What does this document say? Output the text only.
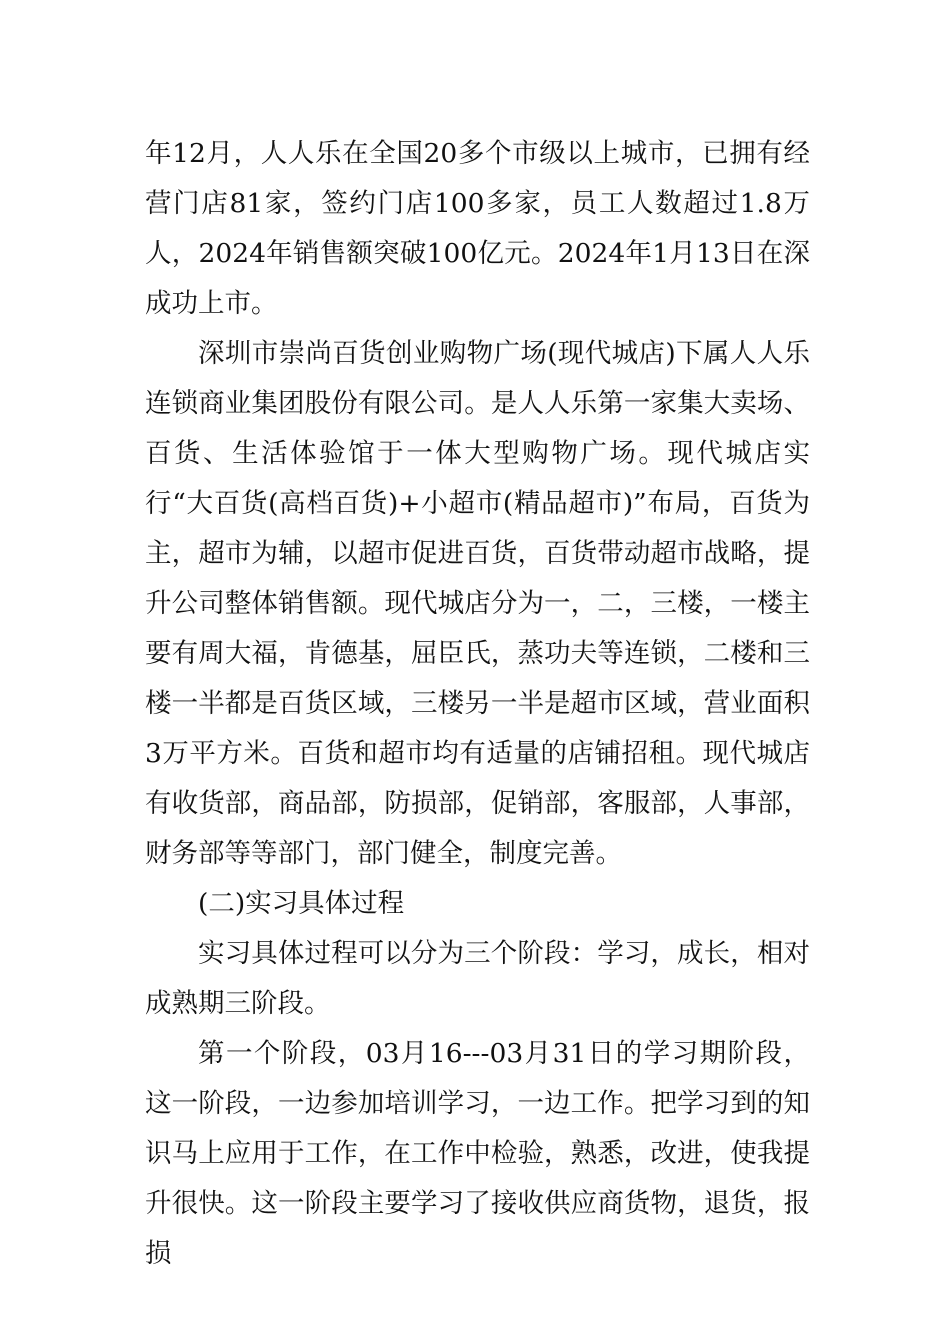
年12月，人人乐在全国20多个市级以上城市，已拥有经营门店81家，签约门店100多家，员工人数超过1.8万人，2024年销售额突破100亿元。2024年1月13日在深成功上市。

深圳市崇尚百货创业购物广场(现代城店)下属人人乐连锁商业集团股份有限公司。是人人乐第一家集大卖场、百货、生活体验馆于一体大型购物广场。现代城店实行“大百货(高档百货)+小超市(精品超市)”布局，百货为主，超市为辅，以超市促进百货，百货带动超市战略，提升公司整体销售额。现代城店分为一，二，三楼，一楼主要有周大福，肯德基，屈臣氏，蒸功夫等连锁，二楼和三楼一半都是百货区域，三楼另一半是超市区域，营业面积3万平方米。百货和超市均有适量的店铺招租。现代城店有收货部，商品部，防损部，促销部，客服部，人事部，财务部等等部门，部门健全，制度完善。

(二)实习具体过程

实习具体过程可以分为三个阶段：学习，成长，相对成熟期三阶段。

第一个阶段，03月16---03月31日的学习期阶段，这一阶段，一边参加培训学习，一边工作。把学习到的知识马上应用于工作，在工作中检验，熟悉，改进，使我提升很快。这一阶段主要学习了接收供应商货物，退货，报损
